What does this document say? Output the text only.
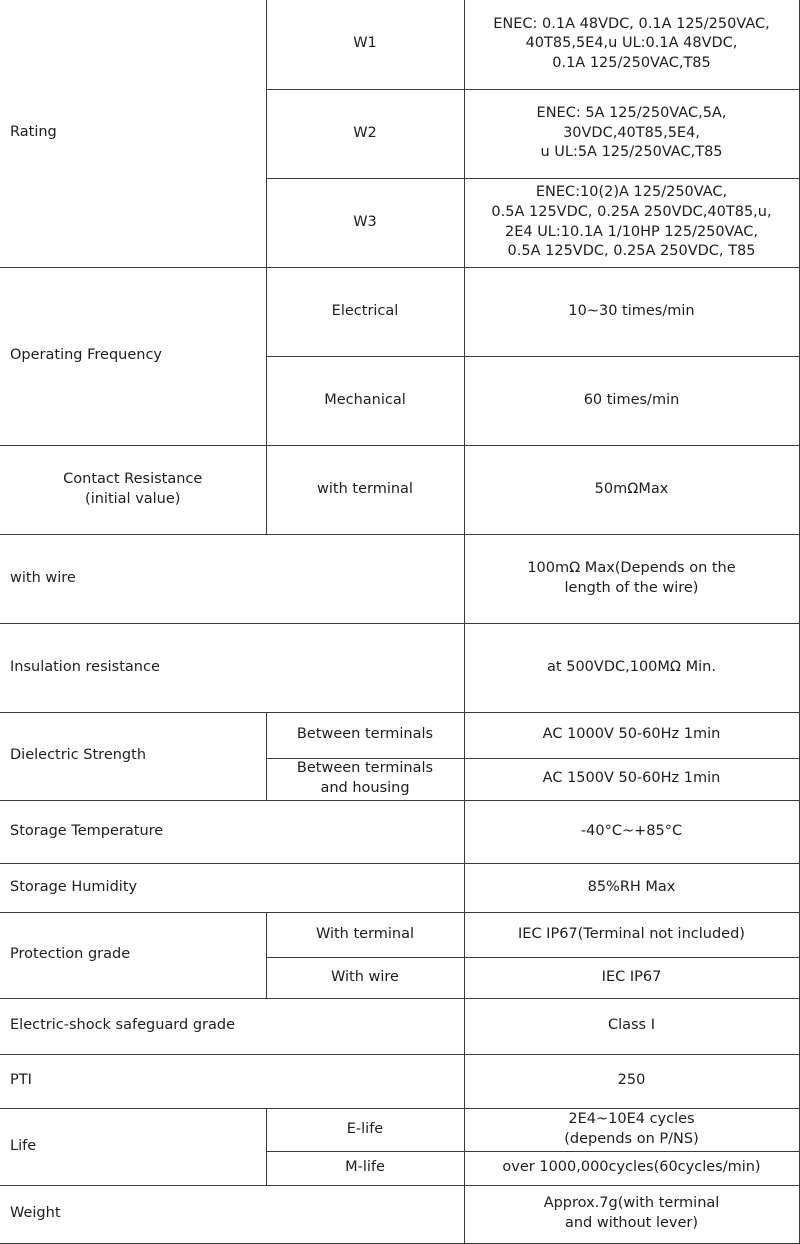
Rating	W1	ENEC: 0.1A 48VDC, 0.1A 125/250VAC,
40T85,5E4,u UL:0.1A 48VDC,
0.1A 125/250VAC,T85

	W2	ENEC: 5A 125/250VAC,5A,
30VDC,40T85,5E4,
u UL:5A 125/250VAC,T85

	W3	ENEC:10(2)A 125/250VAC,
0.5A 125VDC, 0.25A 250VDC,40T85,u,
2E4 UL:10.1A 1/10HP 125/250VAC,
0.5A 125VDC, 0.25A 250VDC, T85

Operating Frequency	Electrical	10~30 times/min
	Mechanical	60 times/min

Contact Resistance
(initial value)	with terminal	50mΩMax
with wire		100mΩ Max(Depends on the
length of the wire)

Insulation resistance		at 500VDC,100MΩ Min.
Dielectric Strength	Between terminals	AC 1000V 50-60Hz 1min

	Between terminals
and housing	AC 1500V 50-60Hz 1min
Storage Temperature		-40°C~+85°C
Storage Humidity		85%RH Max
Protection grade	With terminal	IEC IP67(Terminal not included)
	With wire	IEC IP67
Electric-shock safeguard grade		Class I
PTI		250
Life	E-life	2E4~10E4 cycles
(depends on P/NS)

	M-life	over 1000,000cycles(60cycles/min)
Weight		Approx.7g(with terminal
and without lever)
